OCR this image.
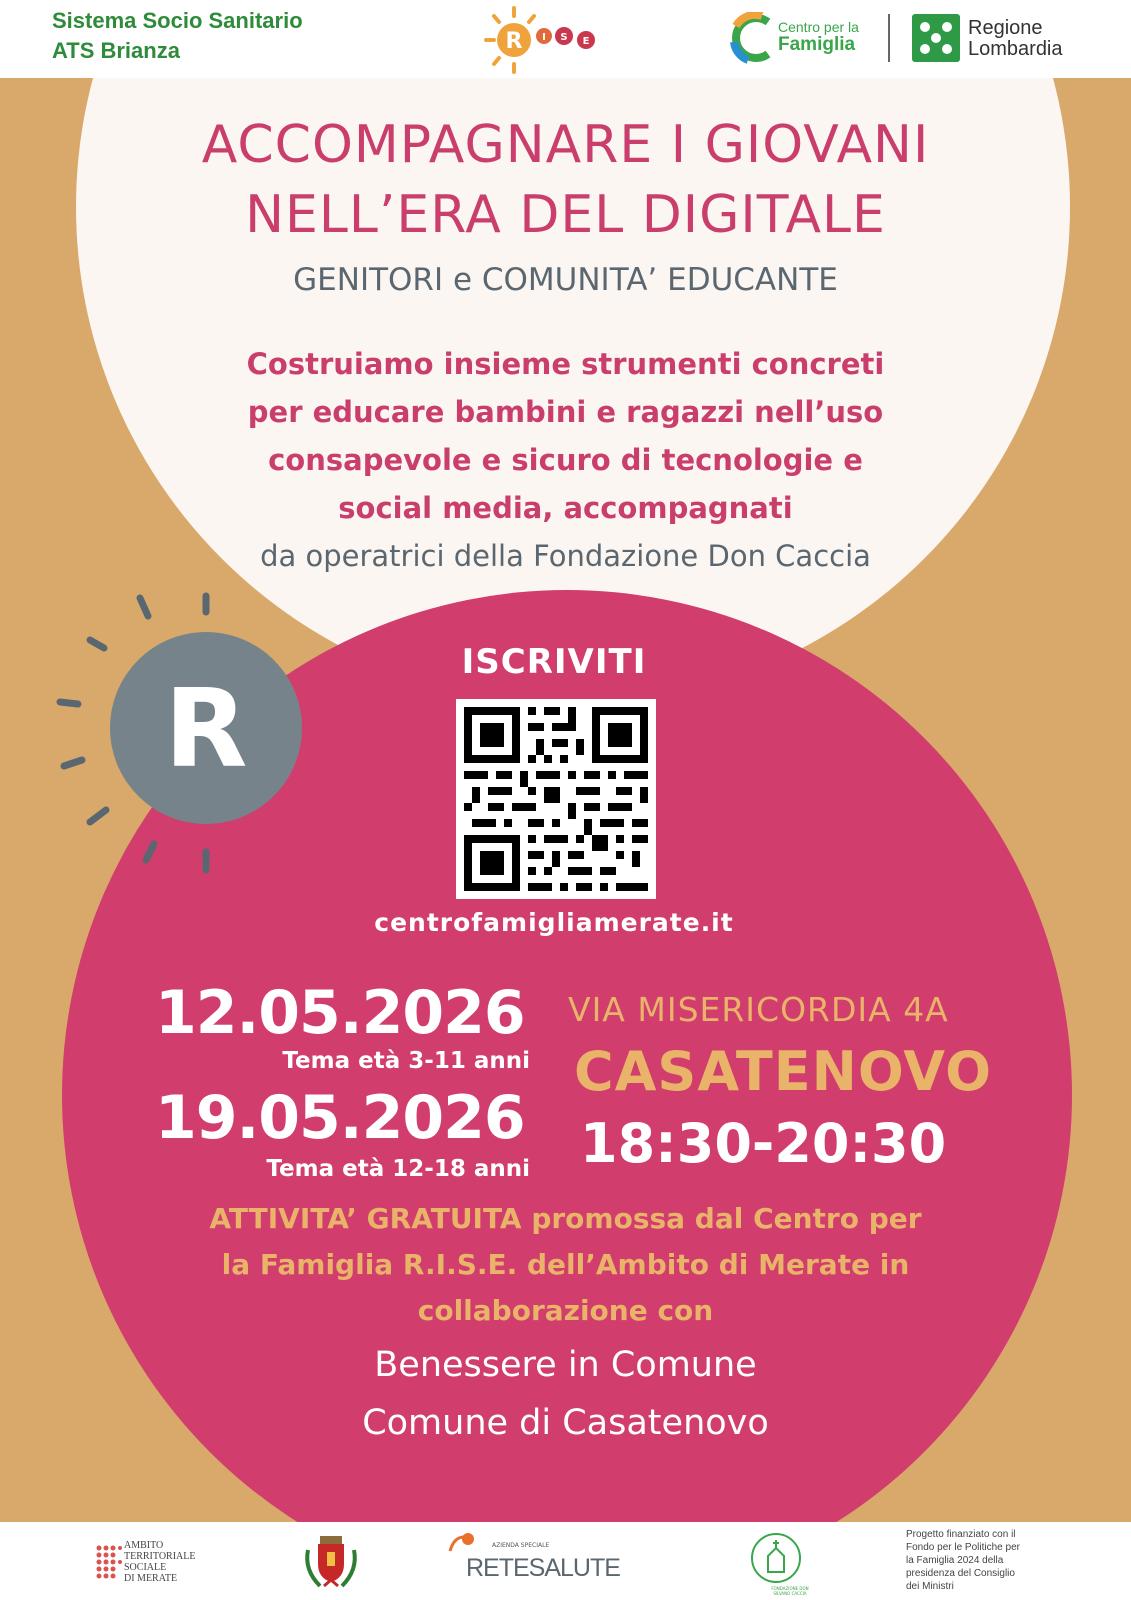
Sistema Socio Sanitario
ATS Brianza	R I S E
Centro per la
Famiglia
Regione
Lombardia
ACCOMPAGNARE I GIOVANI
NELL’ERA DEL DIGITALE
GENITORI e COMUNITA’ EDUCANTE
Costruiamo insieme strumenti concreti
per educare bambini e ragazzi nell’uso
consapevole e sicuro di tecnologie e
social media, accompagnati
da operatrici della Fondazione Don Caccia
R
ISCRIVITI
centrofamigliamerate.it
12.05.2026
Tema età 3-11 anni
19.05.2026
Tema età 12-18 anni
VIA MISERICORDIA 4A
CASATENOVO
18:30-20:30
ATTIVITA’ GRATUITA promossa dal Centro per
la Famiglia R.I.S.E. dell’Ambito di Merate in
collaborazione con
Benessere in Comune
Comune di Casatenovo
AMBITO
TERRITORIALE
SOCIALE
DI MERATE
AZIENDA SPECIALE
RETESALUTE
FONDAZIONE DON SILVANO CACCIA
Progetto finanziato con il
Fondo per le Politiche per
la Famiglia 2024 della
presidenza del Consiglio
dei Ministri
